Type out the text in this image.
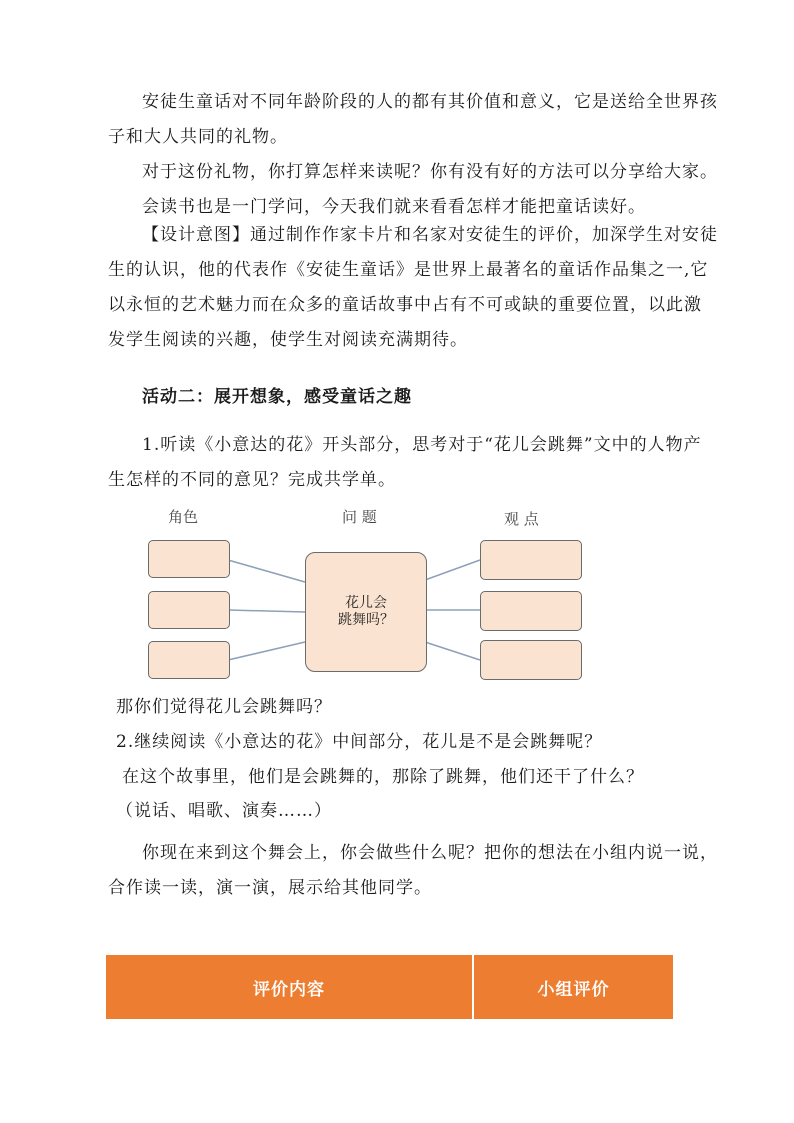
安徒生童话对不同年龄阶段的人的都有其价值和意义，它是送给全世界孩子和大人共同的礼物。

对于这份礼物，你打算怎样来读呢？你有没有好的方法可以分享给大家。

会读书也是一门学问，今天我们就来看看怎样才能把童话读好。

【设计意图】通过制作作家卡片和名家对安徒生的评价，加深学生对安徒生的认识，他的代表作《安徒生童话》是世界上最著名的童话作品集之一,它以永恒的艺术魅力而在众多的童话故事中占有不可或缺的重要位置，以此激发学生阅读的兴趣，使学生对阅读充满期待。

活动二：展开想象，感受童话之趣

1.听读《小意达的花》开头部分，思考对于“花儿会跳舞”文中的人物产生怎样的不同的意见？完成共学单。

角色	问 题	观 点
花儿会
跳舞吗？

那你们觉得花儿会跳舞吗？

2.继续阅读《小意达的花》中间部分，花儿是不是会跳舞呢？

在这个故事里，他们是会跳舞的，那除了跳舞，他们还干了什么？

（说话、唱歌、演奏……）

你现在来到这个舞会上，你会做些什么呢？把你的想法在小组内说一说，合作读一读，演一演，展示给其他同学。

评价内容	小组评价
